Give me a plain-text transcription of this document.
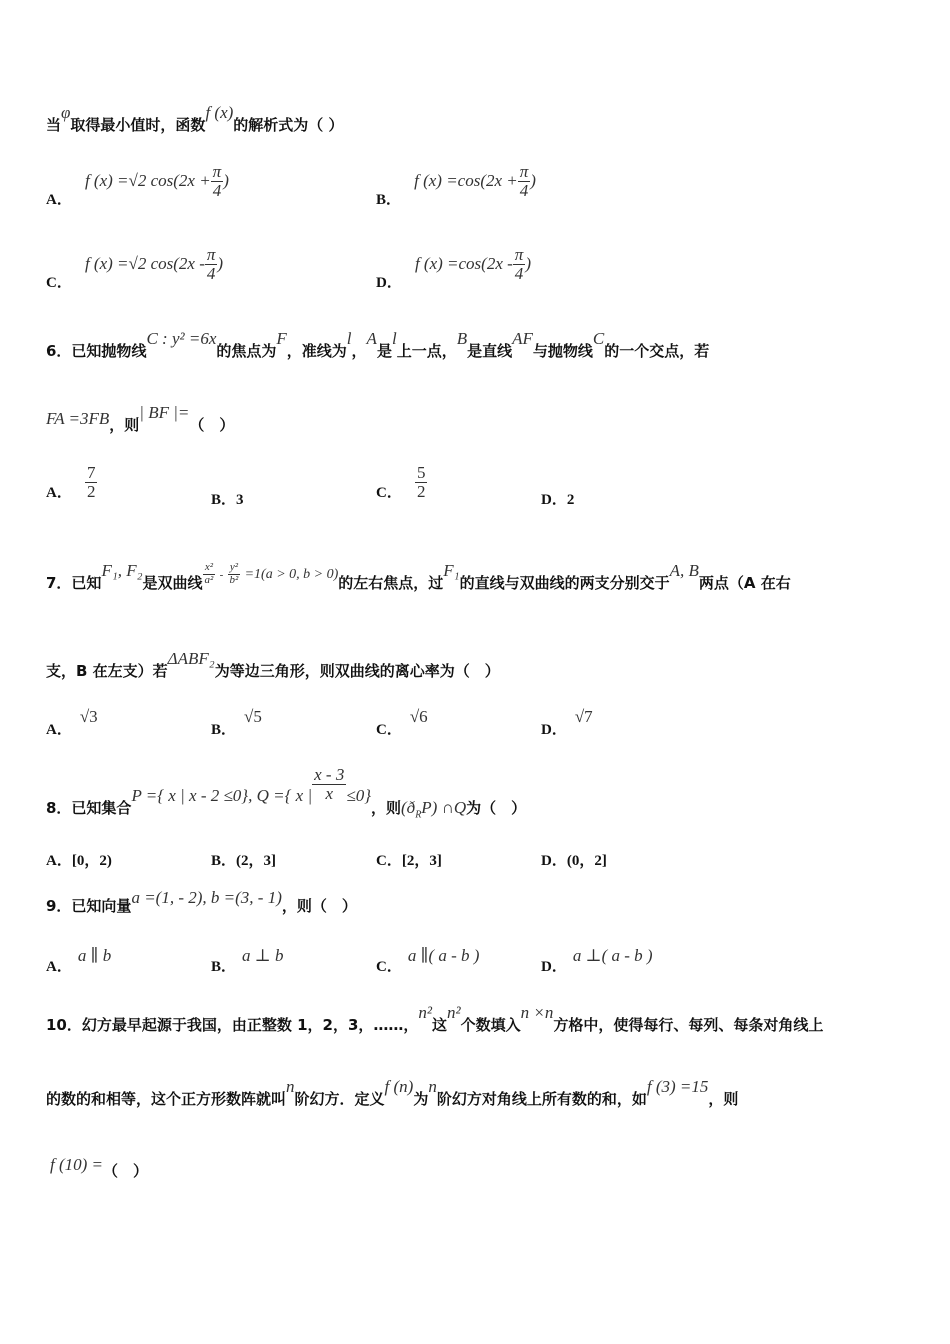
当φ取得最小值时，函数f (x)的解析式为（ ）
A． f (x) =√2 $\cos(2x + \frac{\pi}{4}$ )
B． f $(x) =\cos(2x + \frac{\pi}{4}$ )
C． f (x) =√2 $\cos(2x - \frac{\pi}{4}$ )
D． f $(x) =\cos(2x - \frac{\pi}{4}$ )
6．已知抛物线C : y² =6x的焦点为F，准线为l，A是l上一点，B是直线AF与抛物线C的一个交点，若
FA =3FB，则| BF |=（　）
A． $\frac{7}{2}$	B．3	C． $\frac{5}{2}$	D．2
7．已知F₁, F₂是双曲线 $\frac{\text{x²}}{\text{a²}} - \frac{\text{y²}}{\text{b²}} =1(a > 0$, b > 0)的左右焦点，过F₁的直线与双曲线的两支分别交于A, B两点（A 在右
支，B 在左支）若ΔABF₂为等边三角形，则双曲线的离心率为（　）
A．√3
B．√5
C．√6
D．√7
8．已知集合P ={ x | x - 2 ≤0}, Q ={ x | $\frac{x - 3}{x} \le 0$}，则$(ð_RP)$ ∩Q为（　）
A．[0，2)	B．(2，3]	C．[2，3]	D．(0，2]
9．已知向量a =(1, - 2), b =(3, - 1)，则（　）
A．a ∥ b
B．a ⊥ b
C．a ∥( a - b )
D．a ⊥( a - b )
10．幻方最早起源于我国，由正整数 1，2，3，……，n²这n²个数填入n ×n方格中，使得每行、每列、每条对角线上
的数的和相等，这个正方形数阵就叫n阶幻方．定义f (n)为n阶幻方对角线上所有数的和，如f (3) =15，则
f (10) =（　）
